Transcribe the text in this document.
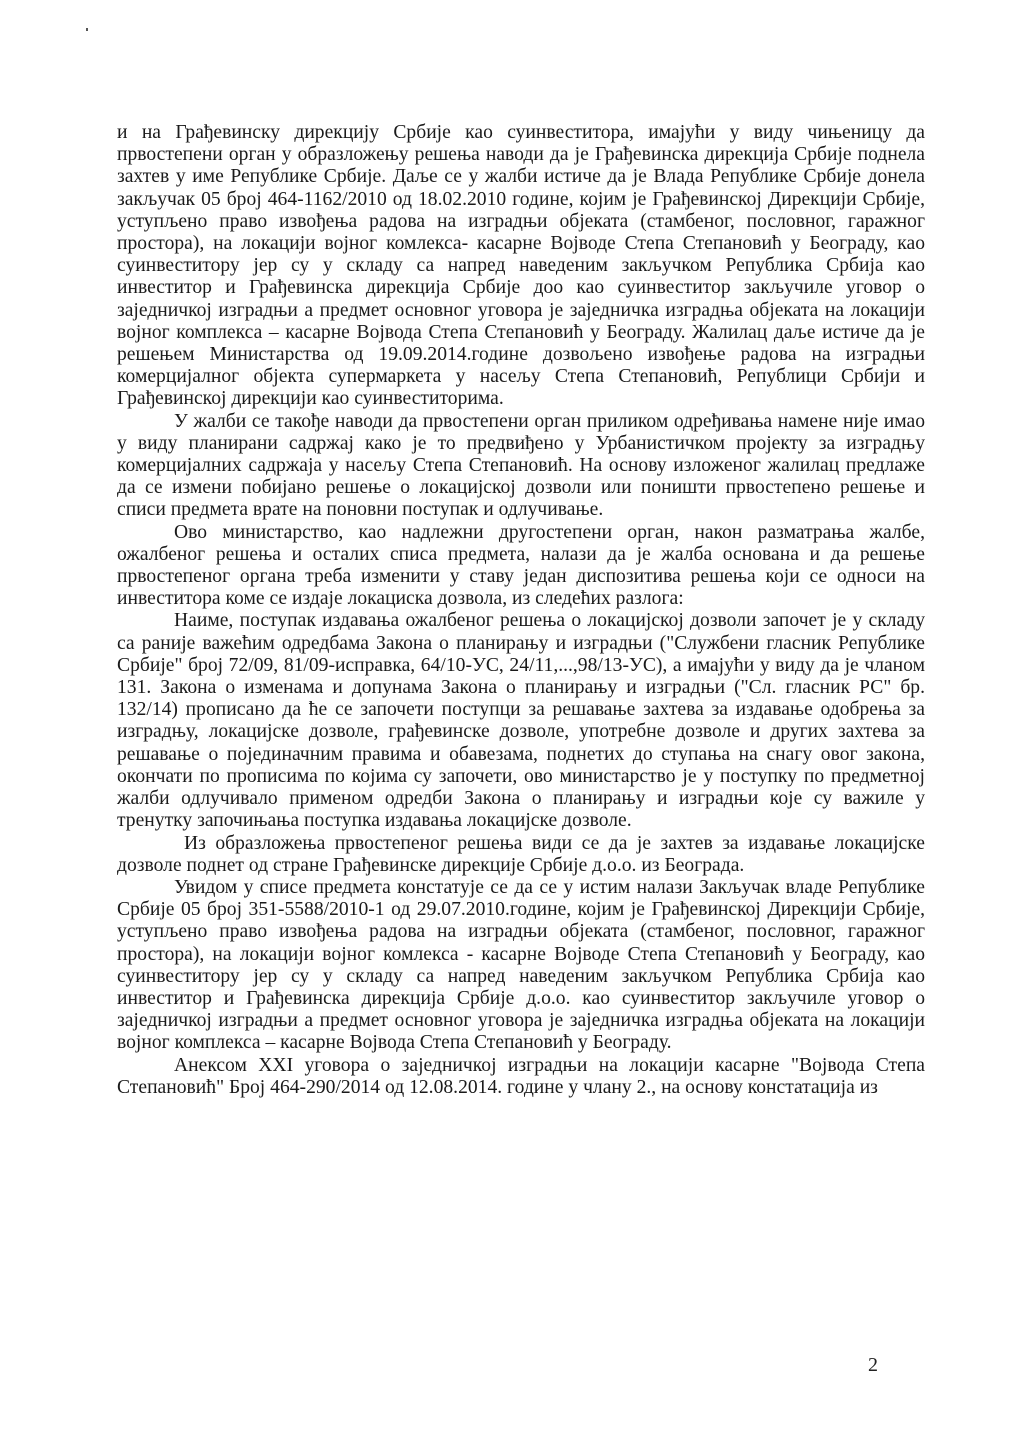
и на Грађевинску дирекцију Србије као суинвеститора, имајући у виду чињеницу да првостепени орган у образложењу решења наводи да је Грађевинска дирекција Србије поднела захтев у име Републике Србије. Даље се у жалби истиче да је Влада Републике Србије донела закључак 05 број 464-1162/2010 од 18.02.2010 године, којим је Грађевинској Дирекцији Србије, уступљено право извођења радова на изградњи објеката (стамбеног, пословног, гаражног простора), на локацији војног комлекса- касарне Војводе Степа Степановић у Београду, као суинвеститору јер су у складу са напред наведеним закључком Република Србија као инвеститор и Грађевинска дирекција Србије доо као суинвеститор закључиле уговор о заједничкој изградњи а предмет основног уговора је заједничка изградња објеката на локацији војног комплекса – касарне Војвода Степа Степановић у Београду. Жалилац даље истиче да је решењем Министарства од 19.09.2014.године дозвољено извођење радова на изградњи комерцијалног објекта супермаркета у насељу Степа Степановић, Републици Србији и Грађевинској дирекцији као суинвеститорима.

У жалби се такође наводи да првостепени орган приликом одређивања намене није имао у виду планирани садржај како је то предвиђено у Урбанистичком пројекту за изградњу комерцијалних садржаја у насељу Степа Степановић. На основу изложеног жалилац предлаже да се измени побијано решење о локацијској дозволи или поништи првостепено решење и списи предмета врате на поновни поступак и одлучивање.

Ово министарство, као надлежни другостепени орган, након разматрања жалбе, ожалбеног решења и осталих списа предмета, налази да је жалба основана и да решење првостепеног органа треба изменити у ставу један диспозитива решења који се односи на инвеститора коме се издаје локациска дозвола, из следећих разлога:

Наиме, поступак издавања ожалбеног решења о локацијској дозволи започет је у складу са раније важећим одредбама Закона о планирању и изградњи ("Службени гласник Републике Србије" број 72/09, 81/09-исправка, 64/10-УС, 24/11,...,98/13-УС), а имајући у виду да је чланом 131. Закона о изменама и допунама Закона о планирању и изградњи ("Сл. гласник РС" бр. 132/14) прописано да ће се започети поступци за решавање захтева за издавање одобрења за изградњу, локацијске дозволе, грађевинске дозволе, употребне дозволе и других захтева за решавање о појединачним правима и обавезама, поднетих до ступања на снагу овог закона, окончати по прописима по којима су започети, ово министарство је у поступку по предметној жалби одлучивало применом одредби Закона о планирању и изградњи које су важиле у тренутку започињања поступка издавања локацијске дозволе.

Из образложења првостепеног решења види се да је захтев за издавање локацијске дозволе поднет од стране Грађевинске дирекције Србије д.о.о. из Београда.

Увидом у списе предмета констатује се да се у истим налази Закључак владе Републике Србије 05 број 351-5588/2010-1 од 29.07.2010.године, којим је Грађевинској Дирекцији Србије, уступљено право извођења радова на изградњи објеката (стамбеног, пословног, гаражног простора), на локацији војног комлекса - касарне Војводе Степа Степановић у Београду, као суинвеститору јер су у складу са напред наведеним закључком Република Србија као инвеститор и Грађевинска дирекција Србије д.о.о. као суинвеститор закључиле уговор о заједничкој изградњи а предмет основног уговора је заједничка изградња објеката на локацији војног комплекса – касарне Војвода Степа Степановић у Београду.

Анексом XXI уговора о заједничкој изградњи на локацији касарне "Војвода Степа Степановић" Број 464-290/2014 од 12.08.2014. године у члану 2., на основу констатација из

2
